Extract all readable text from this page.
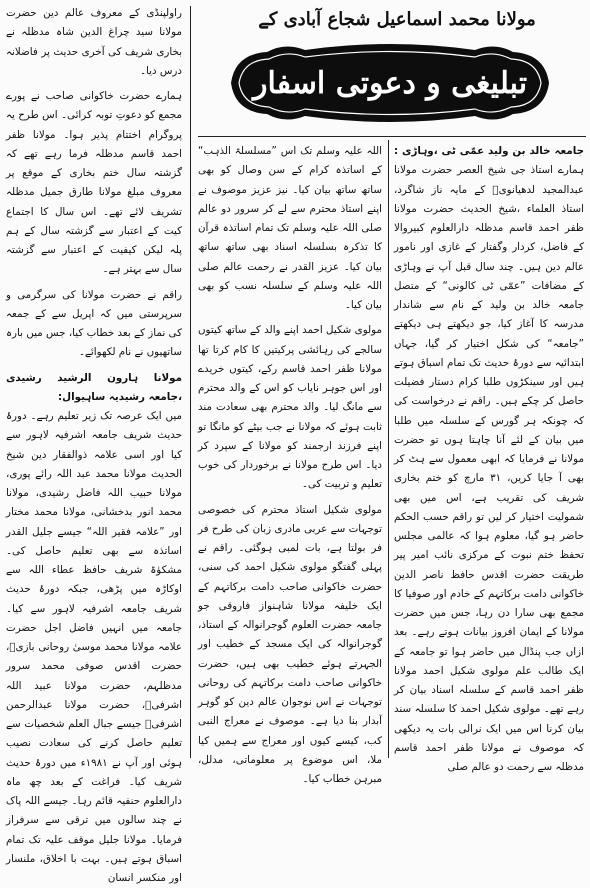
مولانا محمد اسماعیل شجاع آبادی کے
تبلیغی و دعوتی اسفار
جامعہ خالد بن ولید عمّی ٹی ،وہاڑی : ہمارے استاذ جی شیخ العصر حضرت مولانا عبدالمجید لدھیانویؒ کے مایہ ناز شاگرد، استاذ العلماء ،شیخ الحدیث حضرت مولانا ظفر احمد قاسم مدظلہ دارالعلوم کبیروالا کے فاضل، کردار وگفتار کے غازی اور نامور عالم دین ہیں۔ چند سال قبل آپ نے وہاڑی کے مضافات ”عمّی ٹی کالونی“ کے متصل جامعہ خالد بن ولید کے نام سے شاندار مدرسہ کا آغاز کیا، جو دیکھتے ہی دیکھتے ”جامعہ“ کی شکل اختیار کر گیا، جہاں ابتدائیہ سے دورۂ حدیث تک تمام اسباق ہوتے ہیں اور سینکڑوں طلبا کرام دستار فضیلت حاصل کر چکے ہیں۔ راقم نے درخواست کی کہ چونکہ ہر گورس کے سلسلہ میں طلبا میں بیان کے لئے آنا چاہتا ہوں تو حضرت مولانا نے فرمایا کہ ابھی معمول سے ہٹ کر بھی آ جایا کریں، ۳۱ مارچ کو ختم بخاری شریف کی تقریب ہے، اس میں بھی شمولیت اختیار کر لیں تو راقم حسب الحکم حاضر ہو گیا، معلوم ہوا کہ عالمی مجلس تحفظ ختم نبوت کے مرکزی نائب امیر پیر طریقت حضرت اقدس حافظ ناصر الدین خاکوانی دامت برکاتہم کے خادم اور صوفیا کا مجمع بھی سارا دن رہا، جس میں حضرت مولانا کے ایمان افروز بیانات ہوتے رہے۔ بعد ازاں جب پنڈال میں حاضر ہوا تو جامعہ کے ایک طالب علم مولوی شکیل احمد مولانا ظفر احمد قاسم کے سلسلہ اسناد بیان کر رہے تھے۔ مولوی شکیل احمد کا سلسلہ سند بیان کرنا اس میں ایک نرالی بات یہ دیکھی کہ موصوف نے مولانا ظفر احمد قاسم مدظلہ سے رحمت دو عالم صلی

اللہ علیہ وسلم تک اس ”مسلسلۃ الذہب“ کے اساتذہ کرام کے سن وصال کو بھی ساتھ ساتھ بیان کیا۔ نیز عزیز موصوف نے اپنے استاذ محترم سے لے کر سرور دو عالم صلی اللہ علیہ وسلم تک تمام اساتذہ قرآن کا تذکرہ بسلسلہ اسناد بھی ساتھ ساتھ بیان کیا۔ عزیز القدر نے رحمت عالم صلی اللہ علیہ وسلم کے سلسلہ نسب کو بھی بیان کیا۔

مولوی شکیل احمد اپنے والد کے ساتھ کیتوں سالجے کی رہائشی پرکیتیں کا کام کرتا تھا مولانا ظفر احمد قاسم رکے، کیتوں خریدے اور اس جوہر نایاب کو اس کے والد محترم سے مانگ لیا۔ والد محترم بھی سعادت مند ثابت ہوئے کہ مولانا نے جب بیٹے کو مانگا تو اپنے فرزند ارجمند کو مولانا کے سپرد کر دیا۔ اس طرح مولانا نے برخوردار کی خوب تعلیم و تربیت کی۔

مولوی شکیل استاذ محترم کی خصوصی توجہات سے عربی مادری زبان کی طرح فر فر بولتا ہے، بات لمبی ہوگئی۔ راقم نے پہلی گفتگو مولوی شکیل احمد کی سنی، حضرت خاکوانی صاحب دامت برکاتہم کے ایک خلیفہ مولانا شاہنواز فاروقی جو جامعہ حضرت العلوم گوجرانوالہ کے استاذ، گوجرانوالہ کی ایک مسجد کے خطیب اور الجہرتے ہوئے خطیب بھی ہیں، حضرت خاکوانی صاحب دامت برکاتہم کی روحانی توجہات نے اس نوجوان عالم دین کو گوہر آبدار بنا دیا ہے۔ موصوف نے معراج النبی کب، کیسے کیوں اور معراج سے ہمیں کیا ملا، اس موضوع پر معلوماتی، مدلل، مبرہن خطاب کیا۔

راولپنڈی کے معروف عالم دین حضرت مولانا سید چراغ الدین شاہ مدظلہ نے بخاری شریف کی آخری حدیث پر فاضلانہ درس دیا۔

ہمارے حضرت خاکوانی صاحب نے پورے مجمع کو دعوتِ توبہ کرائی۔ اس طرح یہ پروگرام اختتام پذیر ہوا۔ مولانا ظفر احمد قاسم مدظلہ فرما رہے تھے کہ گزشتہ سال ختم بخاری کے موقع پر معروف مبلغ مولانا طارق جمیل مدظلہ تشریف لائے تھے۔ اس سال کا اجتماع کیت کے اعتبار سے گزشتہ سال کے ہم پلہ لیکن کیفیت کے اعتبار سے گزشتہ سال سے بہتر ہے۔

راقم نے حضرت مولانا کی سرگرمی و سرپرستی میں کہ اپریل سے کے جمعہ کی نماز کے بعد خطاب کیا، جس میں بارہ ساتھیوں نے نام لکھوائے۔

مولانا ہارون الرشید رشیدی ،جامعہ رشیدیہ ساہیوال:

میں ایک عرصہ تک زیر تعلیم رہے۔ دورۂ حدیث شریف جامعہ اشرفیہ لاہور سے کیا اور اسی علامہ ذوالفقار دین شیخ الحدیث مولانا محمد عبد اللہ رائے پوری، مولانا حبیب اللہ فاضل رشیدی، مولانا محمد انور بدخشانی، مولانا محمد مختار اور ”علامہ فقیر اللہ“ جیسے جلیل القدر اساتذہ سے بھی تعلیم حاصل کی۔ مشکوٰۃ شریف حافظ عطاء اللہ سے اوکاڑہ میں پڑھی، جبکہ دورۂ حدیث شریف جامعہ اشرفیہ لاہور سے کیا۔ جامعہ میں انہیں فاضل اجل حضرت علامہ مولانا محمد موسیٰ روحانی بازیؒ، حضرت اقدس صوفی محمد سرور مدظلہم، حضرت مولانا عبید اللہ اشرفیؒ، حضرت مولانا عبدالرحمن اشرفیؒ جیسے جبال العلم شخصیات سے تعلیم حاصل کرنے کی سعادت نصیب ہوئی اور آپ نے ۱۹۸۱ء میں دورۂ حدیث شریف کیا۔ فراغت کے بعد چھ ماہ دارالعلوم حنفیہ قائم رہا۔ جیسے اللہ پاک نے چند سالوں میں ترقی سے سرفراز فرمایا۔ مولانا جلیل موقف علیہ تک تمام اسباق ہوتے ہیں۔ بہت با اخلاق، ملنسار اور منکسر انسان
